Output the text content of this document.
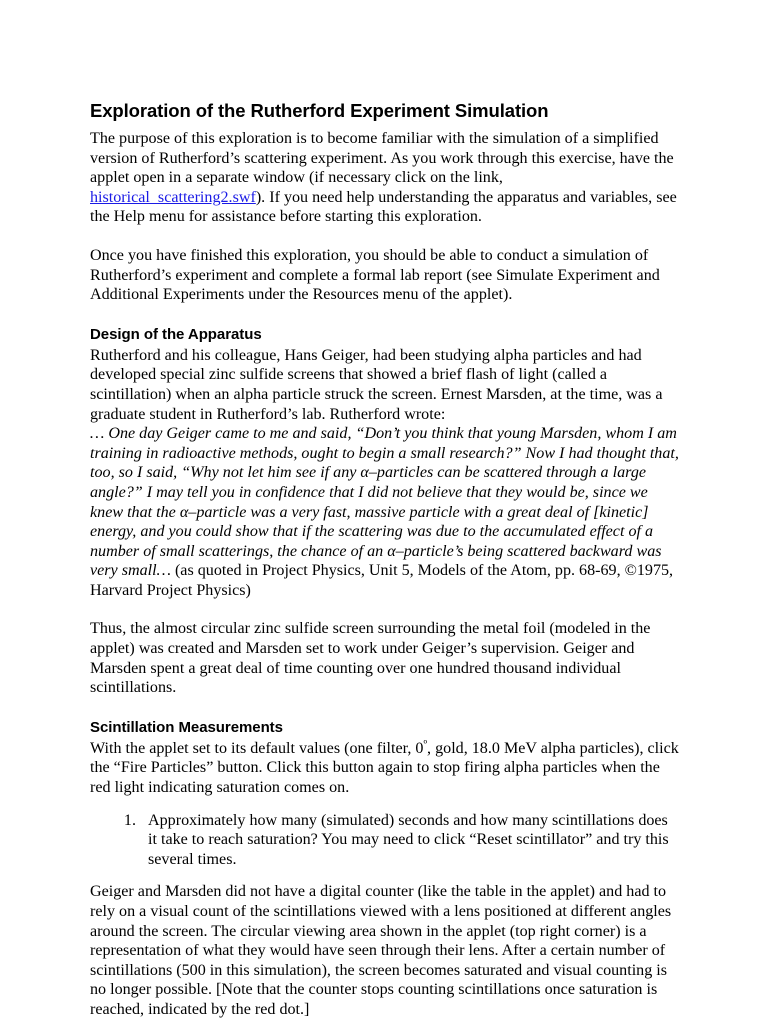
Exploration of the Rutherford Experiment Simulation

The purpose of this exploration is to become familiar with the simulation of a simplified version of Rutherford’s scattering experiment. As you work through this exercise, have the applet open in a separate window (if necessary click on the link, historical_scattering2.swf). If you need help understanding the apparatus and variables, see the Help menu for assistance before starting this exploration.

Once you have finished this exploration, you should be able to conduct a simulation of Rutherford’s experiment and complete a formal lab report (see Simulate Experiment and Additional Experiments under the Resources menu of the applet).

Design of the Apparatus

Rutherford and his colleague, Hans Geiger, had been studying alpha particles and had developed special zinc sulfide screens that showed a brief flash of light (called a scintillation) when an alpha particle struck the screen. Ernest Marsden, at the time, was a graduate student in Rutherford’s lab. Rutherford wrote:

… One day Geiger came to me and said, “Don’t you think that young Marsden, whom I am training in radioactive methods, ought to begin a small research?” Now I had thought that, too, so I said, “Why not let him see if any α–particles can be scattered through a large angle?” I may tell you in confidence that I did not believe that they would be, since we knew that the α–particle was a very fast, massive particle with a great deal of [kinetic] energy, and you could show that if the scattering was due to the accumulated effect of a number of small scatterings, the chance of an α–particle’s being scattered backward was very small… (as quoted in Project Physics, Unit 5, Models of the Atom, pp. 68-69, ©1975, Harvard Project Physics)

Thus, the almost circular zinc sulfide screen surrounding the metal foil (modeled in the applet) was created and Marsden set to work under Geiger’s supervision. Geiger and Marsden spent a great deal of time counting over one hundred thousand individual scintillations.

Scintillation Measurements

With the applet set to its default values (one filter, $0^º$, gold, 18.0 MeV alpha particles), click the “Fire Particles” button. Click this button again to stop firing alpha particles when the red light indicating saturation comes on.

1. Approximately how many (simulated) seconds and how many scintillations does it take to reach saturation? You may need to click “Reset scintillator” and try this several times.

Geiger and Marsden did not have a digital counter (like the table in the applet) and had to rely on a visual count of the scintillations viewed with a lens positioned at different angles around the screen. The circular viewing area shown in the applet (top right corner) is a representation of what they would have seen through their lens. After a certain number of scintillations (500 in this simulation), the screen becomes saturated and visual counting is no longer possible. [Note that the counter stops counting scintillations once saturation is reached, indicated by the red dot.]
